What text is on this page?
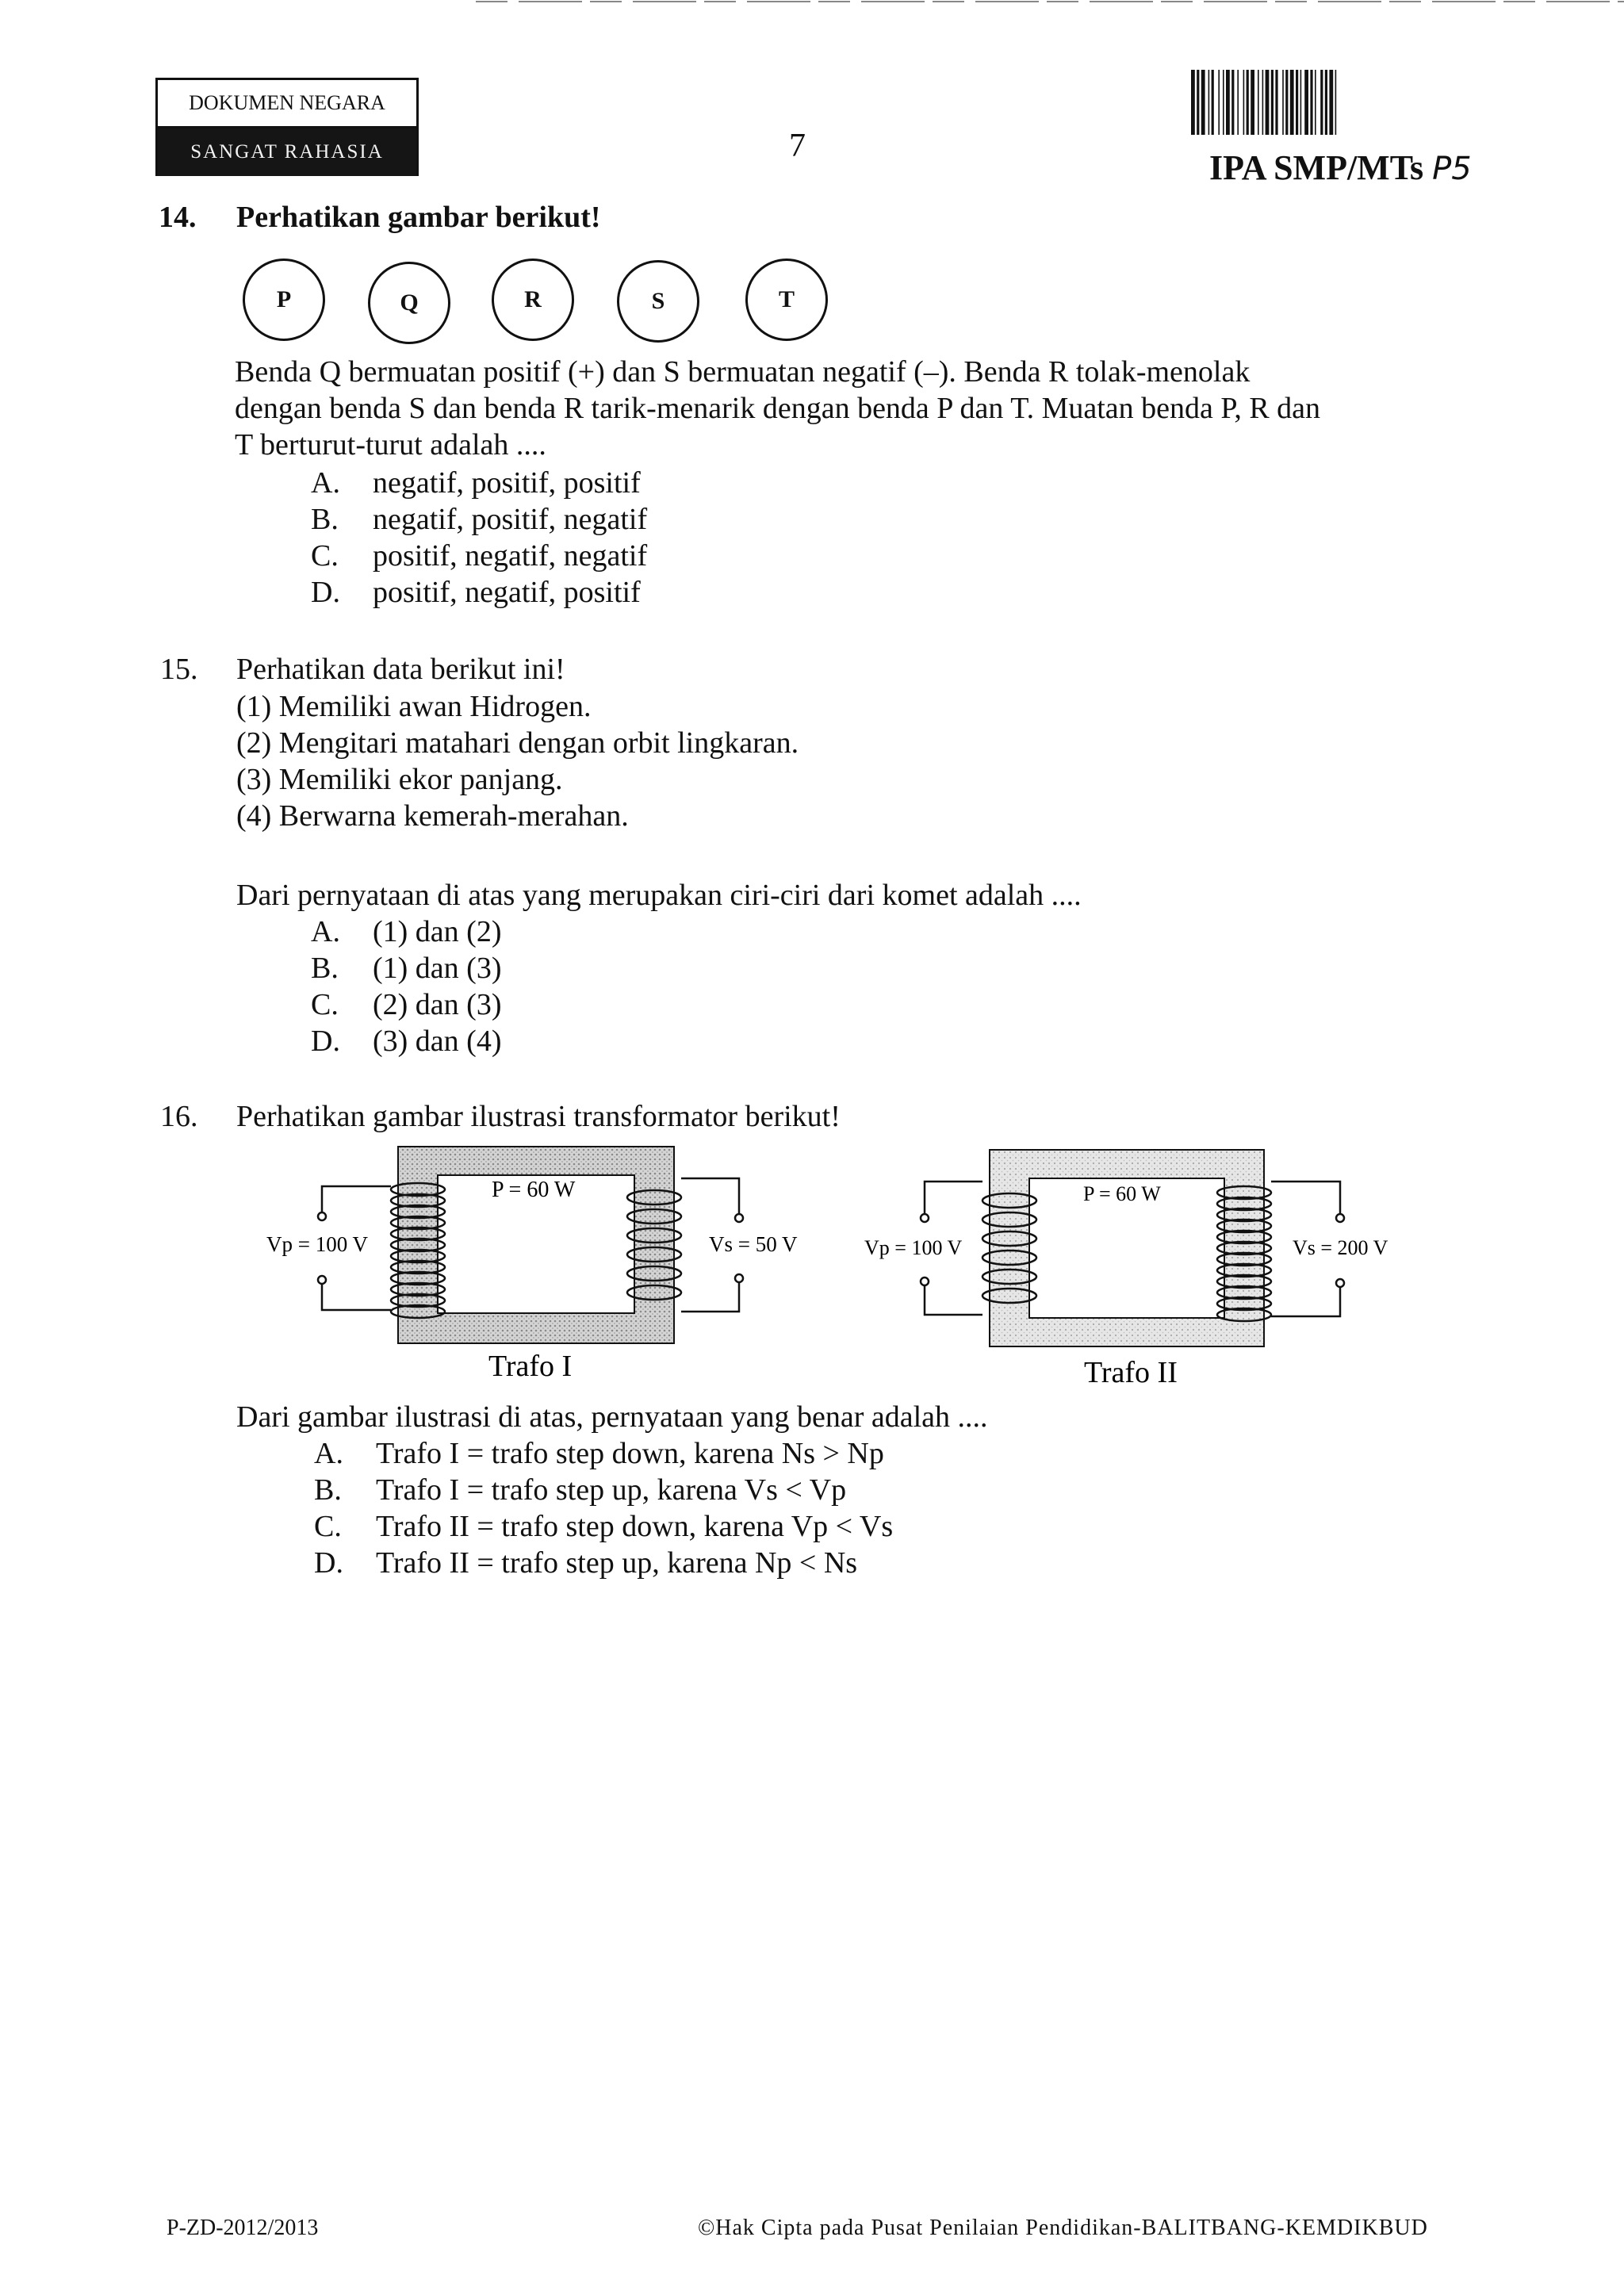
DOKUMEN NEGARA
SANGAT RAHASIA	7
IPA SMP/MTs P5
14. Perhatikan gambar berikut!
P	Q	R	S	T
Benda Q bermuatan positif (+) dan S bermuatan negatif (–). Benda R tolak-menolak
dengan benda S dan benda R tarik-menarik dengan benda P dan T. Muatan benda P, R dan
T berturut-turut adalah ....
A. negatif, positif, positif
B. negatif, positif, negatif
C. positif, negatif, negatif
D. positif, negatif, positif
15. Perhatikan data berikut ini!
(1) Memiliki awan Hidrogen.
(2) Mengitari matahari dengan orbit lingkaran.
(3) Memiliki ekor panjang.
(4) Berwarna kemerah-merahan.
Dari pernyataan di atas yang merupakan ciri-ciri dari komet adalah ....
A. (1) dan (2)
B. (1) dan (3)
C. (2) dan (3)
D. (3) dan (4)
16. Perhatikan gambar ilustrasi transformator berikut!
P = 60 W
Vp = 100 V	Vs = 50 V
Trafo I
P = 60 W
Vp = 100 V	Vs = 200 V
Trafo II
Dari gambar ilustrasi di atas, pernyataan yang benar adalah ....
A. Trafo I = trafo step down, karena Ns > Np
B. Trafo I = trafo step up, karena Vs < Vp
C. Trafo II = trafo step down, karena Vp < Vs
D. Trafo II = trafo step up, karena Np < Ns
P-ZD-2012/2013	©Hak Cipta pada Pusat Penilaian Pendidikan-BALITBANG-KEMDIKBUD
